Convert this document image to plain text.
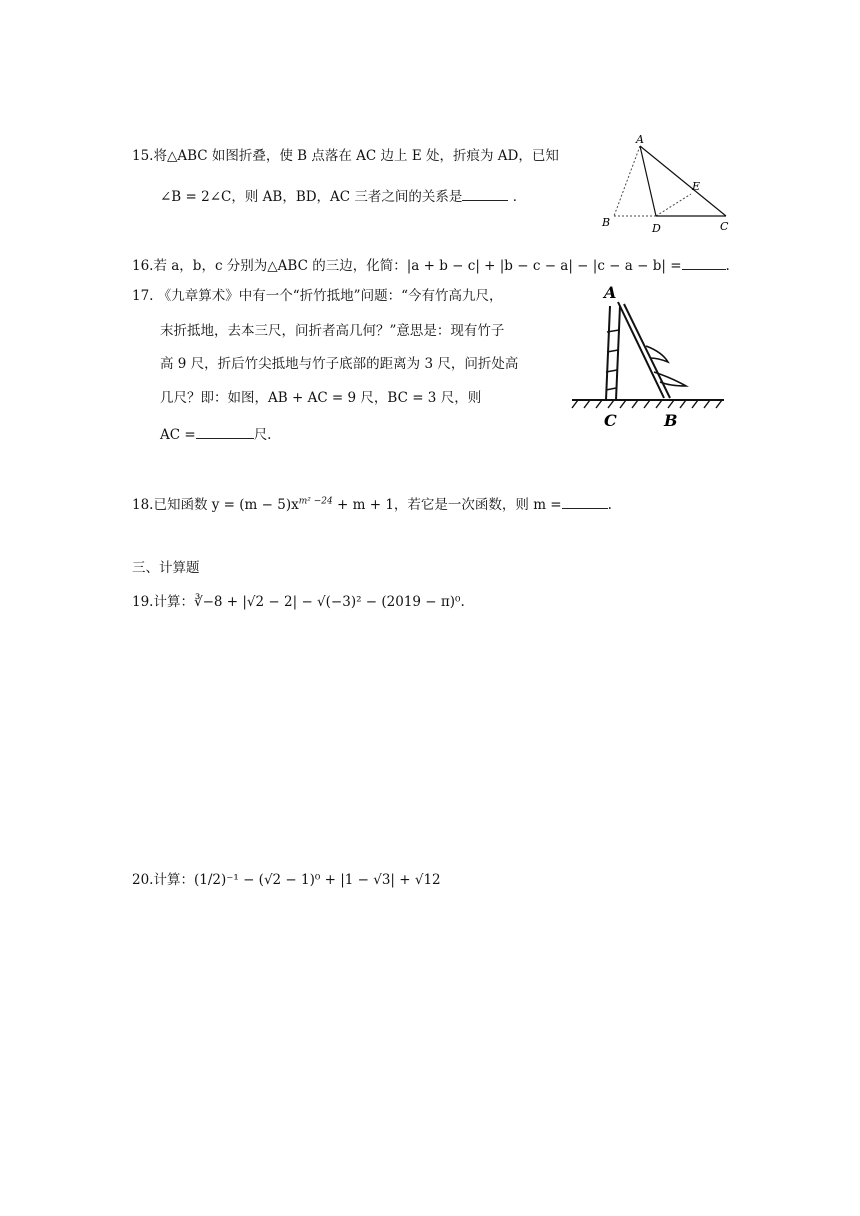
15.将△ABC 如图折叠，使 B 点落在 AC 边上 E 处，折痕为 AD，已知
∠B = 2∠C，则 AB，BD，AC 三者之间的关系是	．
A
B	C
D
E
16.若 a，b，c 分别为△ABC 的三边，化简：|a + b − c| + |b − c − a| − |c − a − b| =	.
17. 《九章算术》中有一个“折竹抵地”问题：“今有竹高九尺，
末折抵地，去本三尺，问折者高几何？”意思是：现有竹子
高 9 尺，折后竹尖抵地与竹子底部的距离为 3 尺，问折处高
几尺？即：如图，AB + AC = 9 尺，BC = 3 尺，则
AC =	尺.
A
C	B
18.已知函数 $y = (m - 5)x^{m^2 -24} + m + 1$，若它是一次函数，则 m =	.
三、计算题
19.计算：∛−8 + |√2 − 2| − √(−3)² − (2019 − π)⁰.
20.计算：(1/2)⁻¹ − (√2 − 1)⁰ + |1 − √3| + √12
